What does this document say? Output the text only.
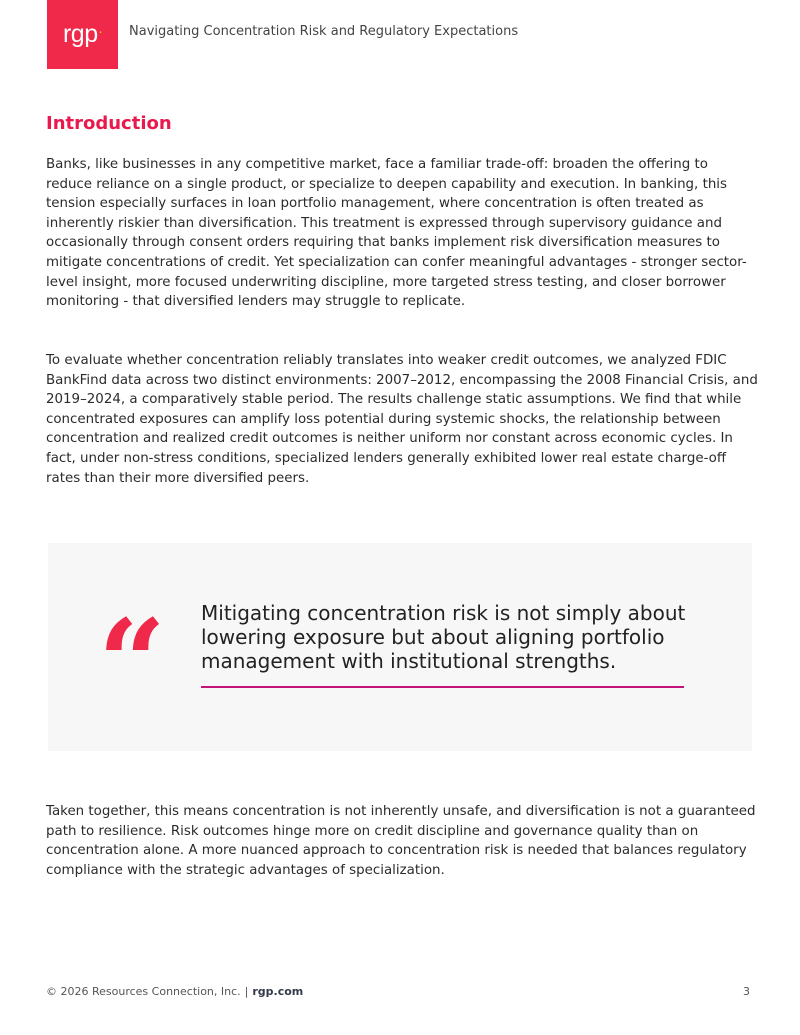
rgp . Navigating Concentration Risk and Regulatory Expectations
Introduction

Banks, like businesses in any competitive market, face a familiar trade-off: broaden the offering to reduce reliance on a single product, or specialize to deepen capability and execution. In banking, this tension especially surfaces in loan portfolio management, where concentration is often treated as inherently riskier than diversification. This treatment is expressed through supervisory guidance and occasionally through consent orders requiring that banks implement risk diversification measures to mitigate concentrations of credit. Yet specialization can confer meaningful advantages - stronger sector-level insight, more focused underwriting discipline, more targeted stress testing, and closer borrower monitoring - that diversified lenders may struggle to replicate.

To evaluate whether concentration reliably translates into weaker credit outcomes, we analyzed FDIC BankFind data across two distinct environments: 2007–2012, encompassing the 2008 Financial Crisis, and 2019–2024, a comparatively stable period. The results challenge static assumptions. We find that while concentrated exposures can amplify loss potential during systemic shocks, the relationship between concentration and realized credit outcomes is neither uniform nor constant across economic cycles. In fact, under non-stress conditions, specialized lenders generally exhibited lower real estate charge-off rates than their more diversified peers.

“ Mitigating concentration risk is not simply about lowering exposure but about aligning portfolio management with institutional strengths.

Taken together, this means concentration is not inherently unsafe, and diversification is not a guaranteed path to resilience. Risk outcomes hinge more on credit discipline and governance quality than on concentration alone. A more nuanced approach to concentration risk is needed that balances regulatory compliance with the strategic advantages of specialization.

© 2026 Resources Connection, Inc. | rgp.com	3
